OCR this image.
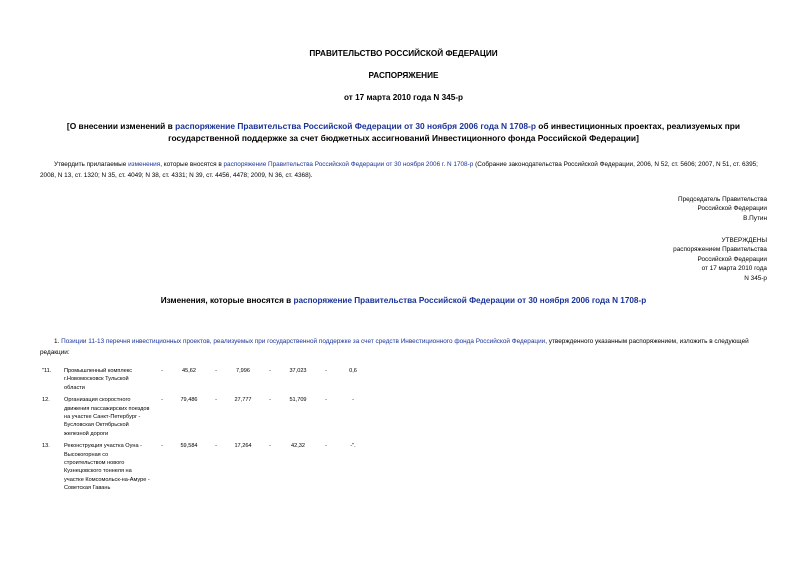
ПРАВИТЕЛЬСТВО РОССИЙСКОЙ ФЕДЕРАЦИИ
РАСПОРЯЖЕНИЕ
от 17 марта 2010 года N 345-р
[О внесении изменений в распоряжение Правительства Российской Федерации от 30 ноября 2006 года N 1708-р об инвестиционных проектах, реализуемых при государственной поддержке за счет бюджетных ассигнований Инвестиционного фонда Российской Федерации]
Утвердить прилагаемые изменения, которые вносятся в распоряжение Правительства Российской Федерации от 30 ноября 2006 г. N 1708-р (Собрание законодательства Российской Федерации, 2006, N 52, ст. 5606; 2007, N 51, ст. 6395; 2008, N 13, ст. 1320; N 35, ст. 4049; N 38, ст. 4331; N 39, ст. 4456, 4478; 2009, N 36, ст. 4368).
Председатель Правительства
Российской Федерации
В.Путин
УТВЕРЖДЕНЫ
распоряжением Правительства
Российской Федерации
от 17 марта 2010 года
N 345-р
Изменения, которые вносятся в распоряжение Правительства Российской Федерации от 30 ноября 2006 года N 1708-р
1. Позиции 11-13 перечня инвестиционных проектов, реализуемых при государственной поддержке за счет средств Инвестиционного фонда Российской Федерации, утвержденного указанным распоряжением, изложить в следующей редакции:
"11.	Промышленный комплекс г.Новомосковск Тульской области	-	45,62	-	7,996	-	37,023	-	0,6
12.	Организация скоростного движения пассажирских поездов на участке Санкт-Петербург - Бусловская Октябрьской железной дороги	-	79,486	-	27,777	-	51,709	-	-
13.	Реконструкция участка Оуна - Высокогорная со строительством нового Кузнецовского тоннеля на участке Комсомольск-на-Амуре - Советская Гавань	-	59,584	-	17,264	-	42,32	-	-".
